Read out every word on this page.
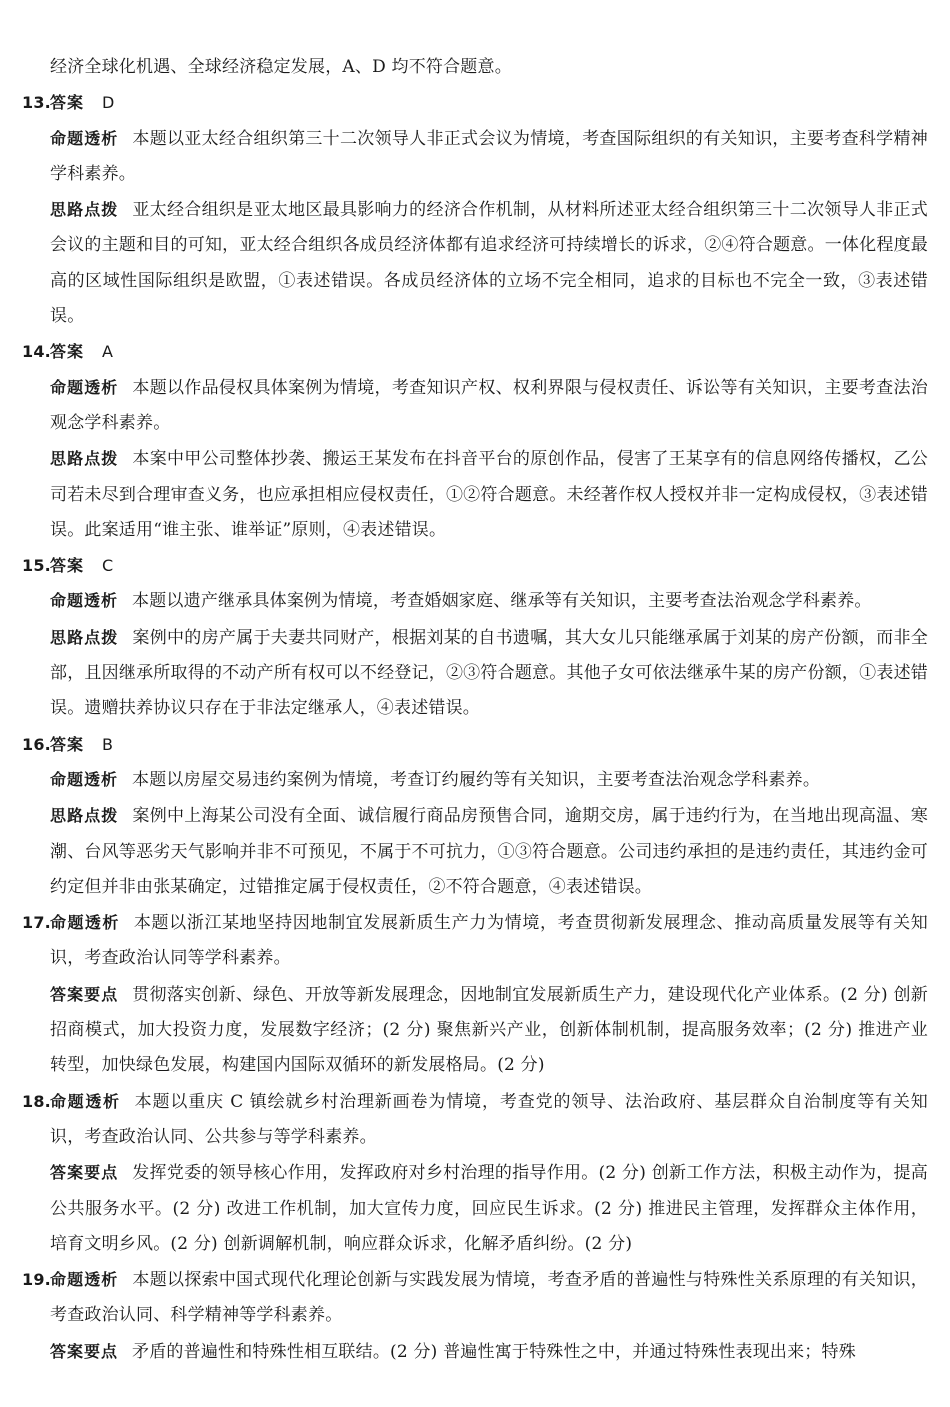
经济全球化机遇、全球经济稳定发展，A、D 均不符合题意。

13. 答案 D

命题透析 本题以亚太经合组织第三十二次领导人非正式会议为情境，考查国际组织的有关知识，主要考查科学精神学科素养。

思路点拨 亚太经合组织是亚太地区最具影响力的经济合作机制，从材料所述亚太经合组织第三十二次领导人非正式会议的主题和目的可知，亚太经合组织各成员经济体都有追求经济可持续增长的诉求，②④符合题意。一体化程度最高的区域性国际组织是欧盟，①表述错误。各成员经济体的立场不完全相同，追求的目标也不完全一致，③表述错误。

14. 答案 A

命题透析 本题以作品侵权具体案例为情境，考查知识产权、权利界限与侵权责任、诉讼等有关知识，主要考查法治观念学科素养。

思路点拨 本案中甲公司整体抄袭、搬运王某发布在抖音平台的原创作品，侵害了王某享有的信息网络传播权，乙公司若未尽到合理审查义务，也应承担相应侵权责任，①②符合题意。未经著作权人授权并非一定构成侵权，③表述错误。此案适用“谁主张、谁举证”原则，④表述错误。

15. 答案 C

命题透析 本题以遗产继承具体案例为情境，考查婚姻家庭、继承等有关知识，主要考查法治观念学科素养。

思路点拨 案例中的房产属于夫妻共同财产，根据刘某的自书遗嘱，其大女儿只能继承属于刘某的房产份额，而非全部，且因继承所取得的不动产所有权可以不经登记，②③符合题意。其他子女可依法继承牛某的房产份额，①表述错误。遗赠扶养协议只存在于非法定继承人，④表述错误。

16. 答案 B

命题透析 本题以房屋交易违约案例为情境，考查订约履约等有关知识，主要考查法治观念学科素养。

思路点拨 案例中上海某公司没有全面、诚信履行商品房预售合同，逾期交房，属于违约行为，在当地出现高温、寒潮、台风等恶劣天气影响并非不可预见，不属于不可抗力，①③符合题意。公司违约承担的是违约责任，其违约金可约定但并非由张某确定，过错推定属于侵权责任，②不符合题意，④表述错误。

17. 命题透析 本题以浙江某地坚持因地制宜发展新质生产力为情境，考查贯彻新发展理念、推动高质量发展等有关知识，考查政治认同等学科素养。

答案要点 贯彻落实创新、绿色、开放等新发展理念，因地制宜发展新质生产力，建设现代化产业体系。(2 分) 创新招商模式，加大投资力度，发展数字经济；(2 分) 聚焦新兴产业，创新体制机制，提高服务效率；(2 分) 推进产业转型，加快绿色发展，构建国内国际双循环的新发展格局。(2 分)

18. 命题透析 本题以重庆 C 镇绘就乡村治理新画卷为情境，考查党的领导、法治政府、基层群众自治制度等有关知识，考查政治认同、公共参与等学科素养。

答案要点 发挥党委的领导核心作用，发挥政府对乡村治理的指导作用。(2 分) 创新工作方法，积极主动作为，提高公共服务水平。(2 分) 改进工作机制，加大宣传力度，回应民生诉求。(2 分) 推进民主管理，发挥群众主体作用，培育文明乡风。(2 分) 创新调解机制，响应群众诉求，化解矛盾纠纷。(2 分)

19. 命题透析 本题以探索中国式现代化理论创新与实践发展为情境，考查矛盾的普遍性与特殊性关系原理的有关知识，考查政治认同、科学精神等学科素养。

答案要点 矛盾的普遍性和特殊性相互联结。(2 分) 普遍性寓于特殊性之中，并通过特殊性表现出来；特殊
